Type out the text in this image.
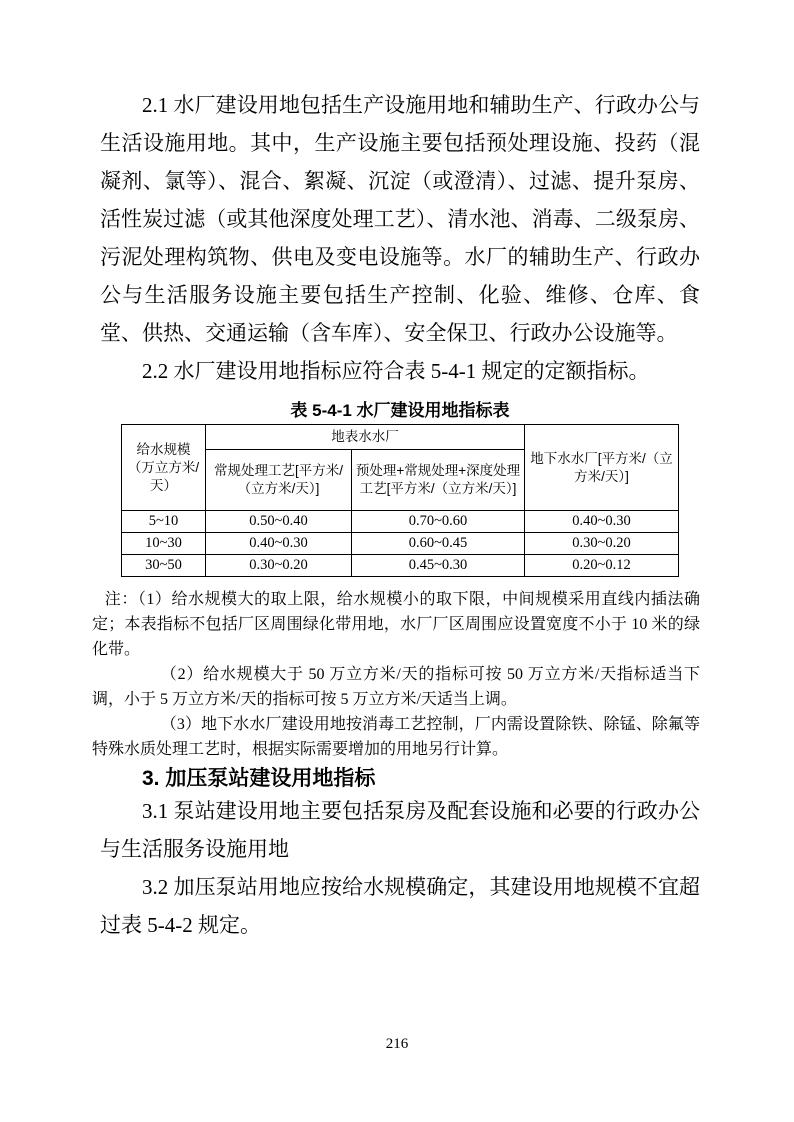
2.1 水厂建设用地包括生产设施用地和辅助生产、行政办公与生活设施用地。其中，生产设施主要包括预处理设施、投药（混凝剂、氯等）、混合、絮凝、沉淀（或澄清）、过滤、提升泵房、活性炭过滤（或其他深度处理工艺）、清水池、消毒、二级泵房、污泥处理构筑物、供电及变电设施等。水厂的辅助生产、行政办公与生活服务设施主要包括生产控制、化验、维修、仓库、食堂、供热、交通运输（含车库）、安全保卫、行政办公设施等。

2.2 水厂建设用地指标应符合表 5-4-1 规定的定额指标。

表 5-4-1 水厂建设用地指标表
给水规模（万立方米/天）	地表水水厂		地下水水厂[平方米/（立方米/天）]
	常规处理工艺[平方米/（立方米/天）]	预处理+常规处理+深度处理工艺[平方米/（立方米/天）]	
5~10	0.50~0.40	0.70~0.60	0.40~0.30
10~30	0.40~0.30	0.60~0.45	0.30~0.20
30~50	0.30~0.20	0.45~0.30	0.20~0.12

注：（1）给水规模大的取上限，给水规模小的取下限，中间规模采用直线内插法确定；本表指标不包括厂区周围绿化带用地，水厂厂区周围应设置宽度不小于 10 米的绿化带。

（2）给水规模大于 50 万立方米/天的指标可按 50 万立方米/天指标适当下调，小于 5 万立方米/天的指标可按 5 万立方米/天适当上调。

（3）地下水水厂建设用地按消毒工艺控制，厂内需设置除铁、除锰、除氟等特殊水质处理工艺时，根据实际需要增加的用地另行计算。

3. 加压泵站建设用地指标

3.1 泵站建设用地主要包括泵房及配套设施和必要的行政办公与生活服务设施用地

3.2 加压泵站用地应按给水规模确定，其建设用地规模不宜超过表 5-4-2 规定。

216
